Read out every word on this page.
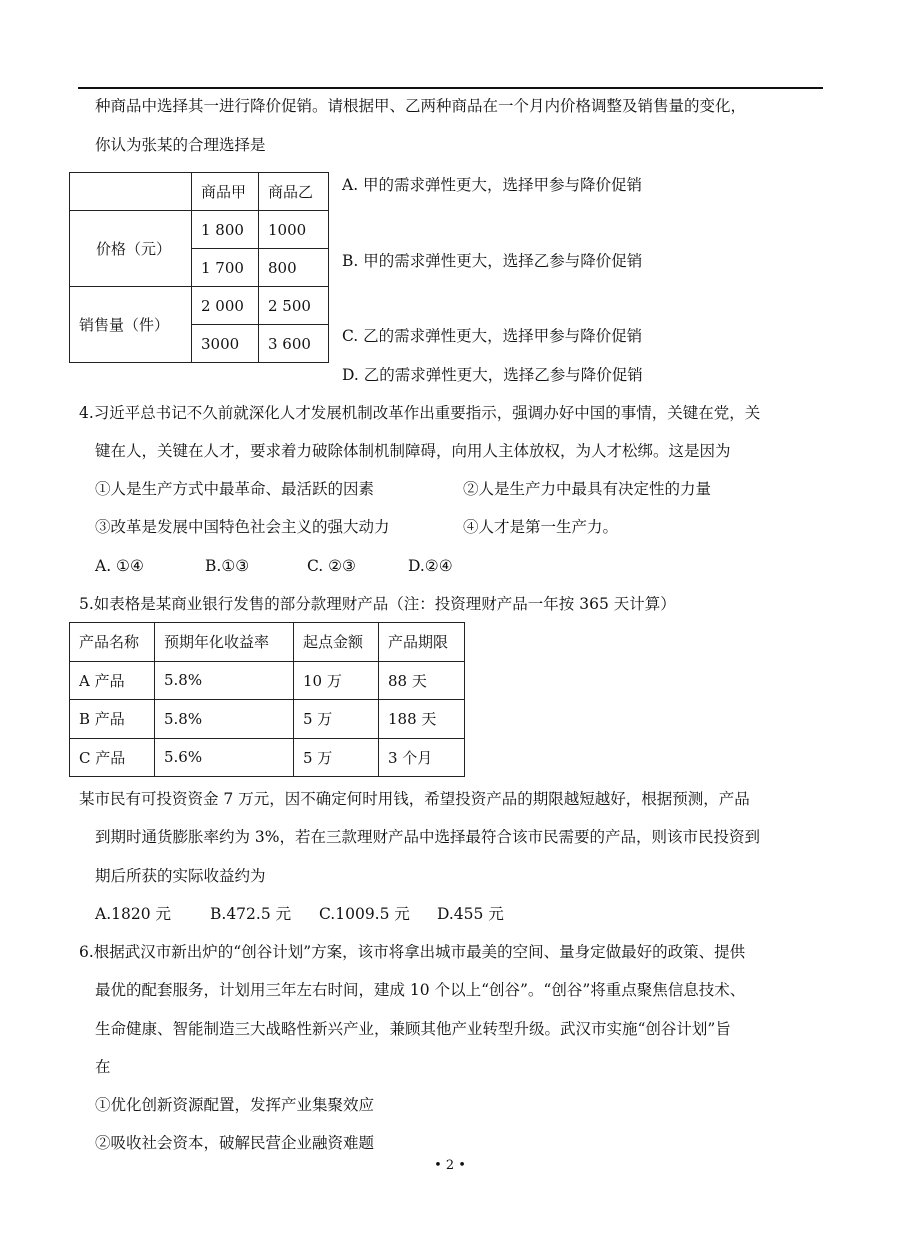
种商品中选择其一进行降价促销。请根据甲、乙两种商品在一个月内价格调整及销售量的变化，
你认为张某的合理选择是
	商品甲	商品乙
价格（元）	1 800	1000
	1 700	800
销售量（件）	2 000	2 500
	3000	3 600
A. 甲的需求弹性更大，选择甲参与降价促销
B. 甲的需求弹性更大，选择乙参与降价促销
C. 乙的需求弹性更大，选择甲参与降价促销
D. 乙的需求弹性更大，选择乙参与降价促销
4.习近平总书记不久前就深化人才发展机制改革作出重要指示，强调办好中国的事情，关键在党，关
键在人，关键在人才，要求着力破除体制机制障碍，向用人主体放权，为人才松绑。这是因为
①人是生产方式中最革命、最活跃的因素	②人是生产力中最具有决定性的力量
③改革是发展中国特色社会主义的强大动力	④人才是第一生产力。
A. ①④	B.①③	C. ②③	D.②④
5.如表格是某商业银行发售的部分款理财产品（注：投资理财产品一年按 365 天计算）
产品名称	预期年化收益率	起点金额	产品期限
A 产品	5.8%	10 万	88 天
B 产品	5.8%	5 万	188 天
C 产品	5.6%	5 万	3 个月
某市民有可投资资金 7 万元，因不确定何时用钱，希望投资产品的期限越短越好，根据预测，产品
到期时通货膨胀率约为 3%，若在三款理财产品中选择最符合该市民需要的产品，则该市民投资到
期后所获的实际收益约为
A.1820 元	B.472.5 元 C.1009.5 元 D.455 元
6.根据武汉市新出炉的“创谷计划”方案，该市将拿出城市最美的空间、量身定做最好的政策、提供
最优的配套服务，计划用三年左右时间，建成 10 个以上“创谷”。“创谷”将重点聚焦信息技术、
生命健康、智能制造三大战略性新兴产业，兼顾其他产业转型升级。武汉市实施“创谷计划”旨
在
①优化创新资源配置，发挥产业集聚效应
②吸收社会资本，破解民营企业融资难题
• 2 •
